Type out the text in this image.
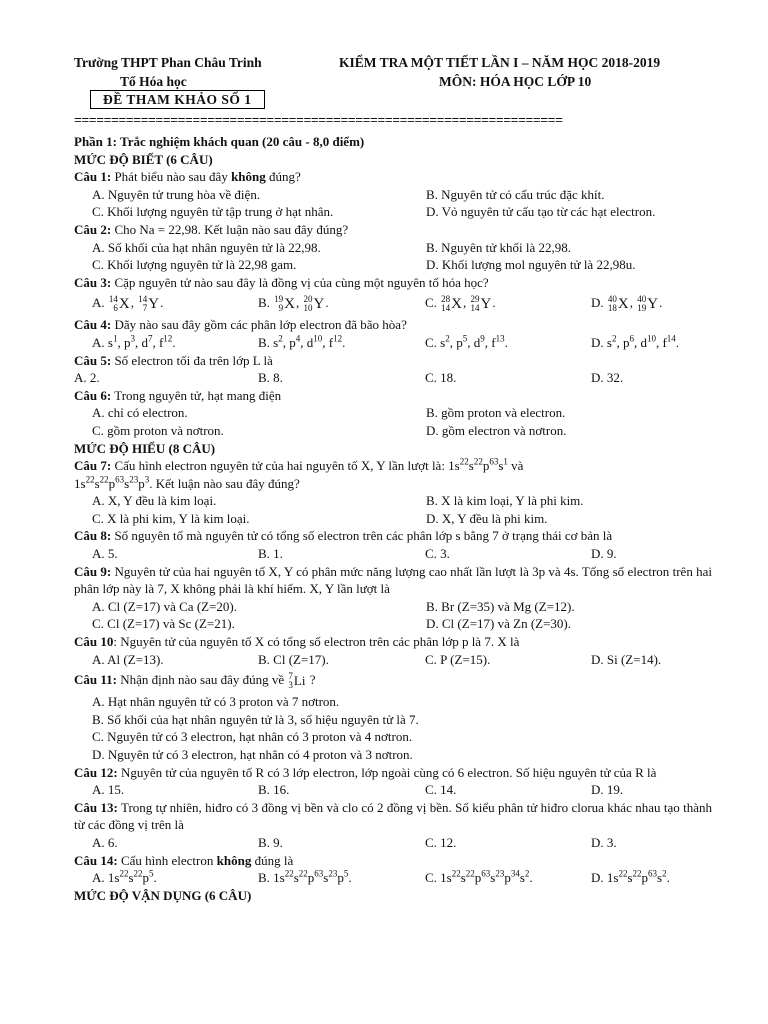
Trường THPT Phan Châu Trinh
Tổ Hóa học
KIỂM TRA MỘT TIẾT LẦN I – NĂM HỌC 2018-2019
MÔN: HÓA HỌC LỚP 10
ĐỀ THAM KHẢO SỐ 1
==================================================================
Phần 1: Trắc nghiệm khách quan (20 câu - 8,0 điểm)
MỨC ĐỘ BIẾT (6 CÂU)
Câu 1: Phát biểu nào sau đây không đúng?
A. Nguyên tử trung hòa về điện.	B. Nguyên tử có cấu trúc đặc khít.
C. Khối lượng nguyên tử tập trung ở hạt nhân.	D. Vỏ nguyên tử cấu tạo từ các hạt electron.
Câu 2: Cho Na = 22,98. Kết luận nào sau đây đúng?
A. Số khối của hạt nhân nguyên tử là 22,98.	B. Nguyên tử khối là 22,98.
C. Khối lượng nguyên tử là 22,98 gam.	D. Khối lượng mol nguyên tử là 22,98u.
Câu 3: Cặp nguyên tử nào sau đây là đồng vị của cùng một nguyên tố hóa học?
A. 14
6 X , 14
7 Y .	B. 19
9 X , 20
10 Y .	C. 28
14 X , 29
14 Y .	D. 40
18 X , 40
19 Y .
Câu 4: Dãy nào sau đây gồm các phân lớp electron đã bão hòa?
A. $s^1$, $p^3$, $d^7$, $f^{12}$.	B. $s^2$, $p^4$, $d^{10}$, $f^{12}$.	C. $s^2$, $p^5$, $d^9$, $f^{13}$.	D. $s^2$, $p^6$, $d^{10}$, $f^{14}$.
Câu 5: Số electron tối đa trên lớp L là
A. 2.	B. 8.	C. 18.	D. 32.
Câu 6: Trong nguyên tử, hạt mang điện
A. chỉ có electron.	B. gồm proton và electron.
C. gồm proton và nơtron.	D. gồm electron và nơtron.
MỨC ĐỘ HIỂU (8 CÂU)
Câu 7: Cấu hình electron nguyên tử của hai nguyên tố X, Y lần lượt là: $1s^{22}s^{22}p^{63}s^1$ và
$1s^{22}s^{22}p^{63}s^{23}p^3$. Kết luận nào sau đây đúng?
A. X, Y đều là kim loại.	B. X là kim loại, Y là phi kim.
C. X là phi kim, Y là kim loại.	D. X, Y đều là phi kim.
Câu 8: Số nguyên tố mà nguyên tử có tổng số electron trên các phân lớp s bằng 7 ở trạng thái cơ bản là
A. 5.	B. 1.	C. 3.	D. 9.
Câu 9: Nguyên tử của hai nguyên tố X, Y có phân mức năng lượng cao nhất lần lượt là 3p và 4s. Tổng số electron trên hai phân lớp này là 7, X không phải là khí hiếm. X, Y lần lượt là
A. Cl (Z=17) và Ca (Z=20).	B. Br (Z=35) và Mg (Z=12).
C. Cl (Z=17) và Sc (Z=21).	D. Cl (Z=17) và Zn (Z=30).
Câu 10: Nguyên tử của nguyên tố X có tổng số electron trên các phân lớp p là 7. X là
A. Al (Z=13).	B. Cl (Z=17).	C. P (Z=15).	D. Si (Z=14).
Câu 11: Nhận định nào sau đây đúng về 7
3 Li ?
A. Hạt nhân nguyên tử có 3 proton và 7 nơtron.
B. Số khối của hạt nhân nguyên tử là 3, số hiệu nguyên tử là 7.
C. Nguyên tử có 3 electron, hạt nhân có 3 proton và 4 nơtron.
D. Nguyên tử có 3 electron, hạt nhân có 4 proton và 3 nơtron.
Câu 12: Nguyên tử của nguyên tố R có 3 lớp electron, lớp ngoài cùng có 6 electron. Số hiệu nguyên tử của R là
A. 15.	B. 16.	C. 14.	D. 19.
Câu 13: Trong tự nhiên, hiđro có 3 đồng vị bền và clo có 2 đồng vị bền. Số kiểu phân tử hiđro clorua khác nhau tạo thành từ các đồng vị trên là
A. 6.	B. 9.	C. 12.	D. 3.
Câu 14: Cấu hình electron không đúng là
A. $1s^{22}s^{22}p^5$.	B. $1s^{22}s^{22}p^{63}s^{23}p^5$.	C. $1s^{22}s^{22}p^{63}s^{23}p^{34}s^2$.	D. $1s^{22}s^{22}p^{63}s^2$.
MỨC ĐỘ VẬN DỤNG (6 CÂU)
